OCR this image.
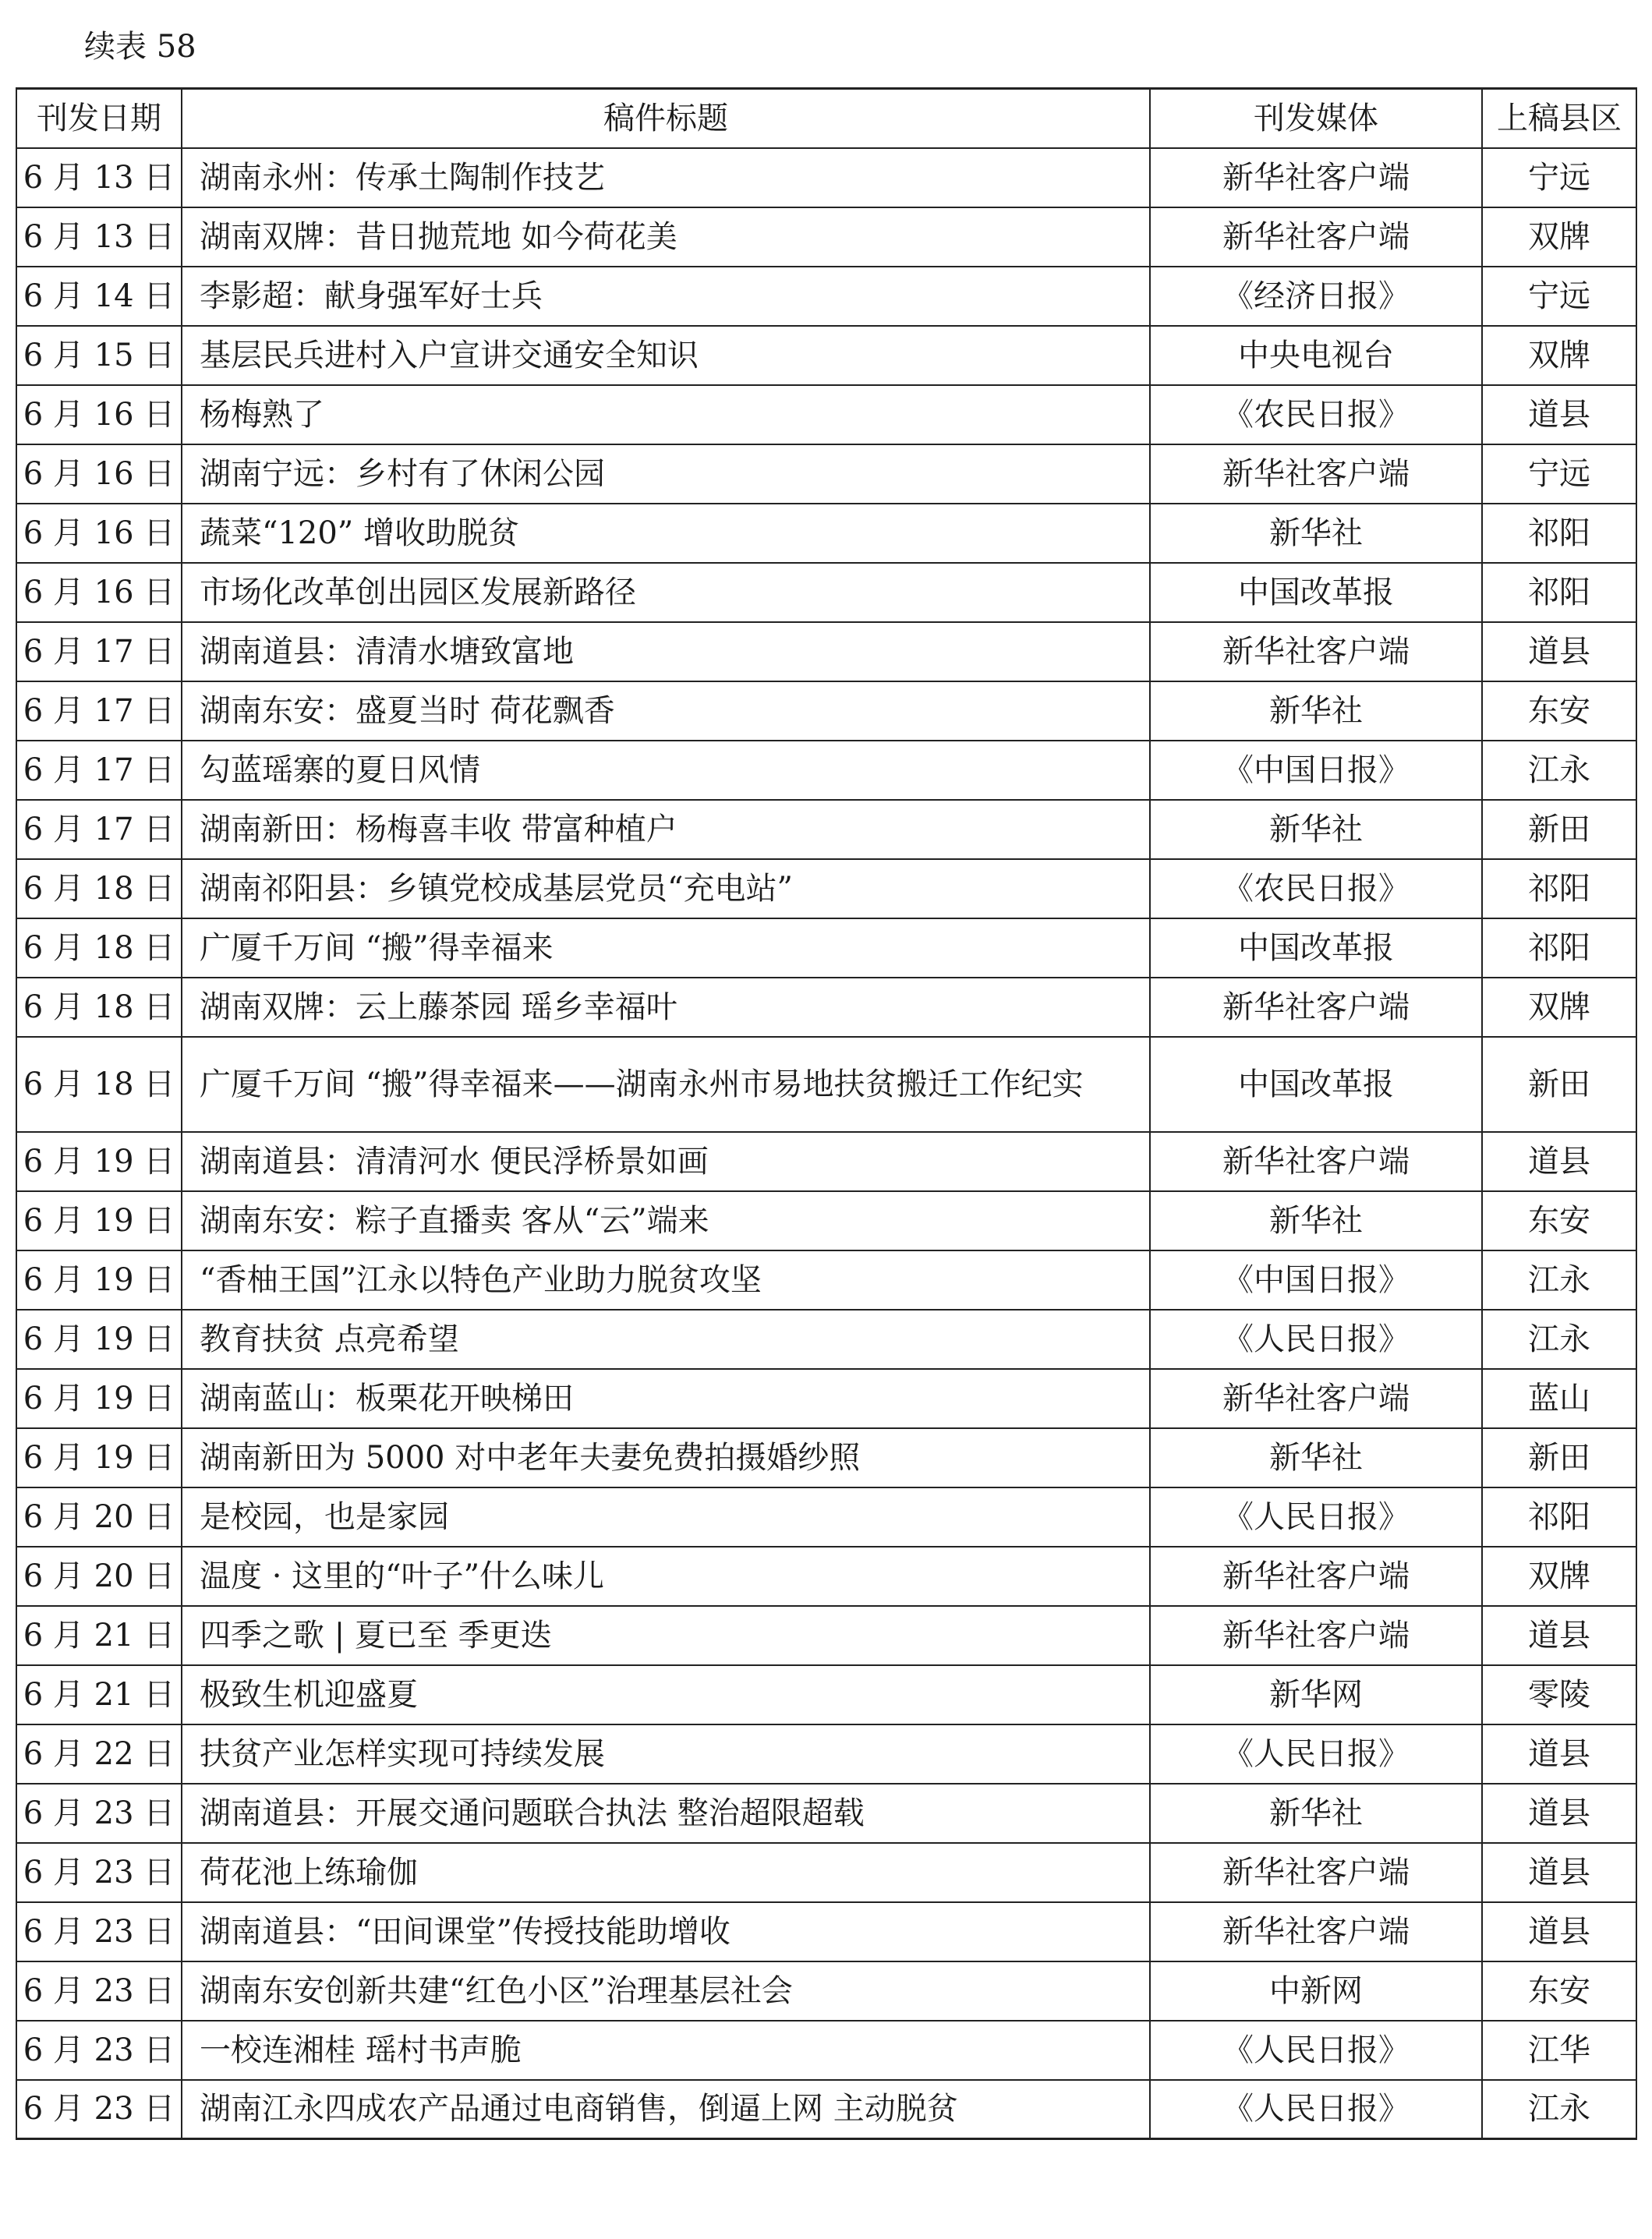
续表 58
刊发日期	稿件标题	刊发媒体	上稿县区
6 月 13 日	湖南永州：传承土陶制作技艺	新华社客户端	宁远
6 月 13 日	湖南双牌：昔日抛荒地 如今荷花美	新华社客户端	双牌
6 月 14 日	李影超：献身强军好士兵	《经济日报》	宁远
6 月 15 日	基层民兵进村入户宣讲交通安全知识	中央电视台	双牌
6 月 16 日	杨梅熟了	《农民日报》	道县
6 月 16 日	湖南宁远：乡村有了休闲公园	新华社客户端	宁远
6 月 16 日	蔬菜“120” 增收助脱贫	新华社	祁阳
6 月 16 日	市场化改革创出园区发展新路径	中国改革报	祁阳
6 月 17 日	湖南道县：清清水塘致富地	新华社客户端	道县
6 月 17 日	湖南东安：盛夏当时 荷花飘香	新华社	东安
6 月 17 日	勾蓝瑶寨的夏日风情	《中国日报》	江永
6 月 17 日	湖南新田：杨梅喜丰收 带富种植户	新华社	新田
6 月 18 日	湖南祁阳县：乡镇党校成基层党员“充电站”	《农民日报》	祁阳
6 月 18 日	广厦千万间 “搬”得幸福来	中国改革报	祁阳
6 月 18 日	湖南双牌：云上藤茶园 瑶乡幸福叶	新华社客户端	双牌
6 月 18 日	广厦千万间 “搬”得幸福来——湖南永州市易地扶贫搬迁工作纪实	中国改革报	新田
6 月 19 日	湖南道县：清清河水 便民浮桥景如画	新华社客户端	道县
6 月 19 日	湖南东安：粽子直播卖 客从“云”端来	新华社	东安
6 月 19 日	“香柚王国”江永以特色产业助力脱贫攻坚	《中国日报》	江永
6 月 19 日	教育扶贫 点亮希望	《人民日报》	江永
6 月 19 日	湖南蓝山：板栗花开映梯田	新华社客户端	蓝山
6 月 19 日	湖南新田为 5000 对中老年夫妻免费拍摄婚纱照	新华社	新田
6 月 20 日	是校园，也是家园	《人民日报》	祁阳
6 月 20 日	温度 · 这里的“叶子”什么味儿	新华社客户端	双牌
6 月 21 日	四季之歌 | 夏已至 季更迭	新华社客户端	道县
6 月 21 日	极致生机迎盛夏	新华网	零陵
6 月 22 日	扶贫产业怎样实现可持续发展	《人民日报》	道县
6 月 23 日	湖南道县：开展交通问题联合执法 整治超限超载	新华社	道县
6 月 23 日	荷花池上练瑜伽	新华社客户端	道县
6 月 23 日	湖南道县：“田间课堂”传授技能助增收	新华社客户端	道县
6 月 23 日	湖南东安创新共建“红色小区”治理基层社会	中新网	东安
6 月 23 日	一校连湘桂 瑶村书声脆	《人民日报》	江华
6 月 23 日	湖南江永四成农产品通过电商销售，倒逼上网 主动脱贫	《人民日报》	江永
